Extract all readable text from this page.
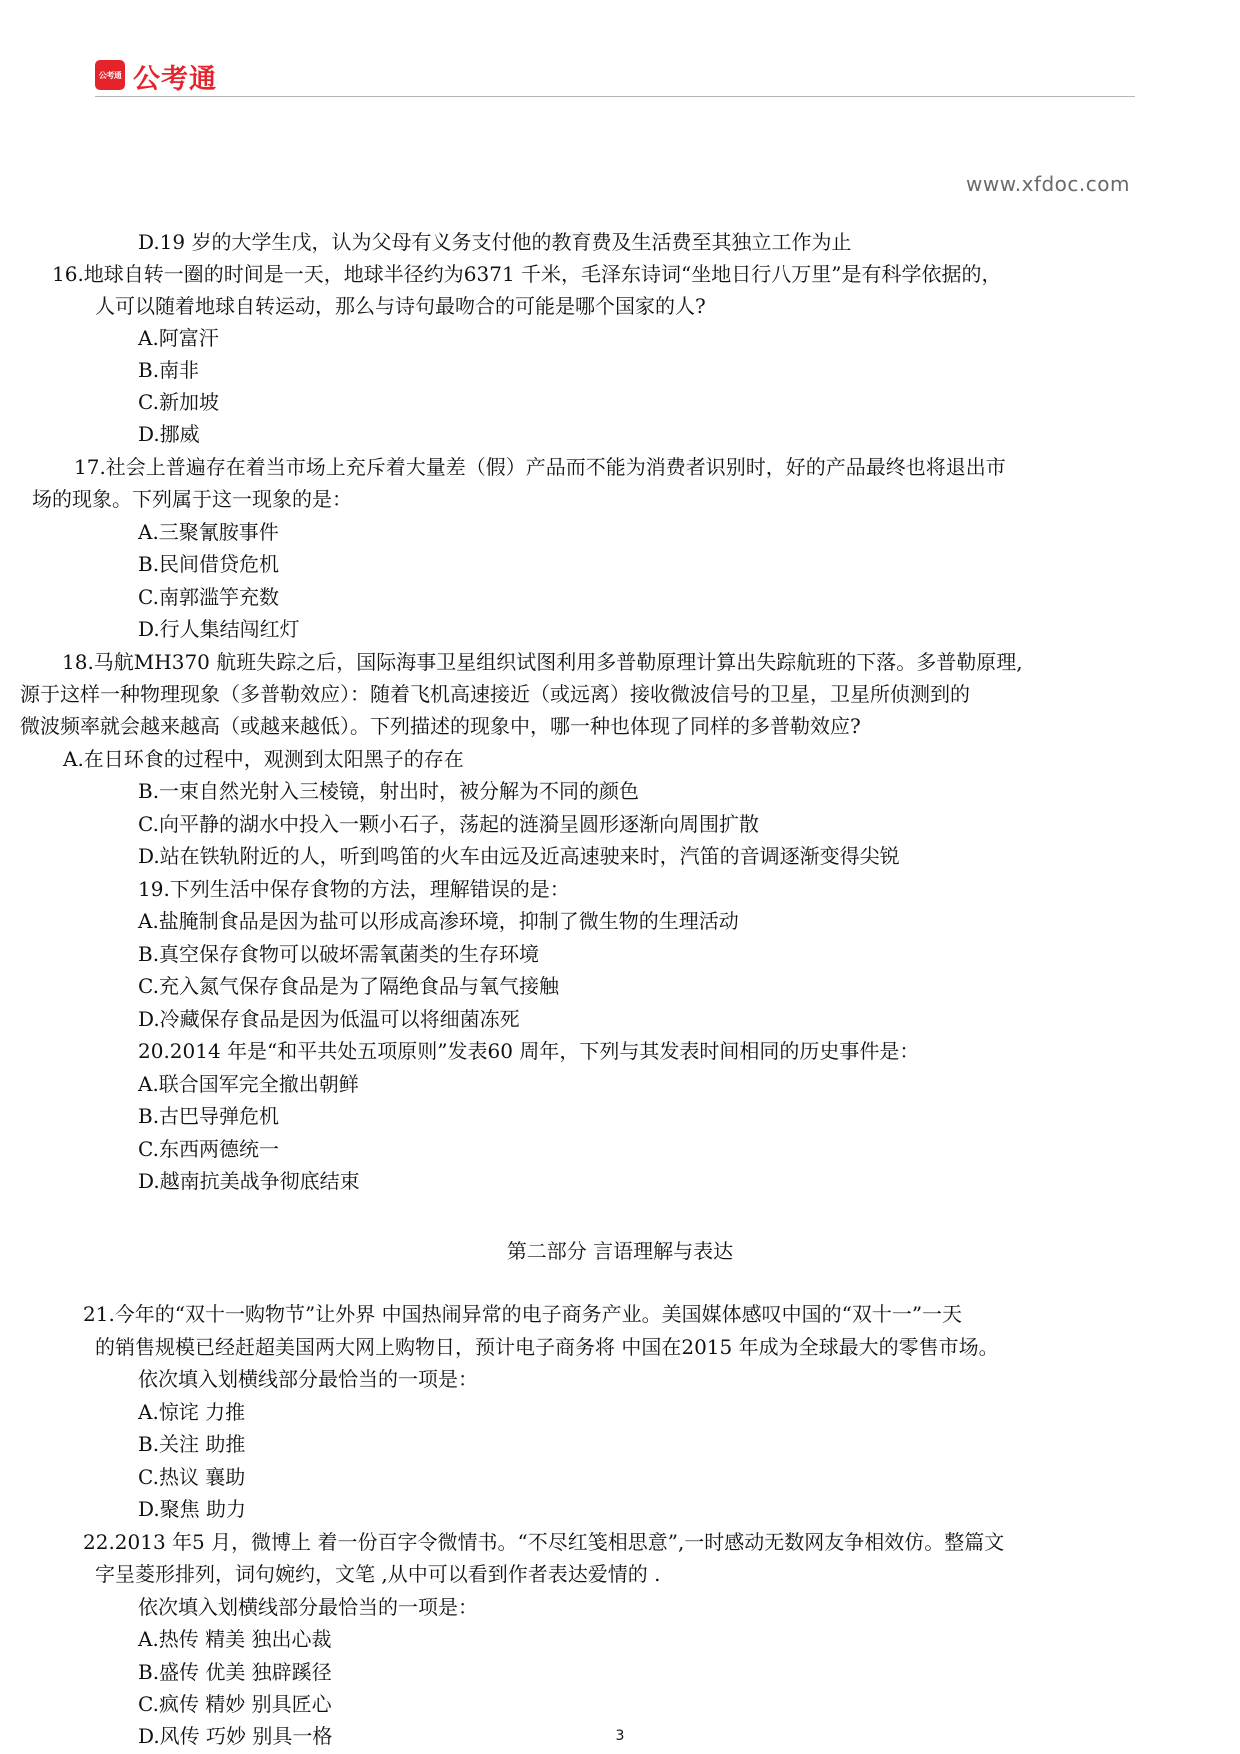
公考通 公考通
www.xfdoc.com
D.19 岁的大学生戊，认为父母有义务支付他的教育费及生活费至其独立工作为止
16.地球自转一圈的时间是一天，地球半径约为6371 千米，毛泽东诗词“坐地日行八万里”是有科学依据的，
人可以随着地球自转运动，那么与诗句最吻合的可能是哪个国家的人?
A.阿富汗
B.南非
C.新加坡
D.挪威
17.社会上普遍存在着当市场上充斥着大量差（假）产品而不能为消费者识别时，好的产品最终也将退出市
场的现象。下列属于这一现象的是：
A.三聚氰胺事件
B.民间借贷危机
C.南郭滥竽充数
D.行人集结闯红灯
18.马航MH370 航班失踪之后，国际海事卫星组织试图利用多普勒原理计算出失踪航班的下落。多普勒原理,
源于这样一种物理现象（多普勒效应）：随着飞机高速接近（或远离）接收微波信号的卫星，卫星所侦测到的
微波频率就会越来越高（或越来越低）。下列描述的现象中，哪一种也体现了同样的多普勒效应?
A.在日环食的过程中，观测到太阳黑子的存在
B.一束自然光射入三棱镜，射出时，被分解为不同的颜色
C.向平静的湖水中投入一颗小石子，荡起的涟漪呈圆形逐渐向周围扩散
D.站在铁轨附近的人，听到鸣笛的火车由远及近高速驶来时，汽笛的音调逐渐变得尖锐
19.下列生活中保存食物的方法，理解错误的是：
A.盐腌制食品是因为盐可以形成高渗环境，抑制了微生物的生理活动
B.真空保存食物可以破坏需氧菌类的生存环境
C.充入氮气保存食品是为了隔绝食品与氧气接触
D.冷藏保存食品是因为低温可以将细菌冻死
20.2014 年是“和平共处五项原则”发表60 周年，下列与其发表时间相同的历史事件是：
A.联合国军完全撤出朝鲜
B.古巴导弹危机
C.东西两德统一
D.越南抗美战争彻底结束
第二部分 言语理解与表达
21.今年的“双十一购物节”让外界 中国热闹异常的电子商务产业。美国媒体感叹中国的“双十一”一天
的销售规模已经赶超美国两大网上购物日，预计电子商务将 中国在2015 年成为全球最大的零售市场。
依次填入划横线部分最恰当的一项是：
A.惊诧 力推
B.关注 助推
C.热议 襄助
D.聚焦 助力
22.2013 年5 月，微博上 着一份百字令微情书。“不尽红笺相思意”,一时感动无数网友争相效仿。整篇文
字呈菱形排列，词句婉约，文笔 ,从中可以看到作者表达爱情的 .
依次填入划横线部分最恰当的一项是：
A.热传 精美 独出心裁
B.盛传 优美 独辟蹊径
C.疯传 精妙 别具匠心
D.风传 巧妙 别具一格	3
